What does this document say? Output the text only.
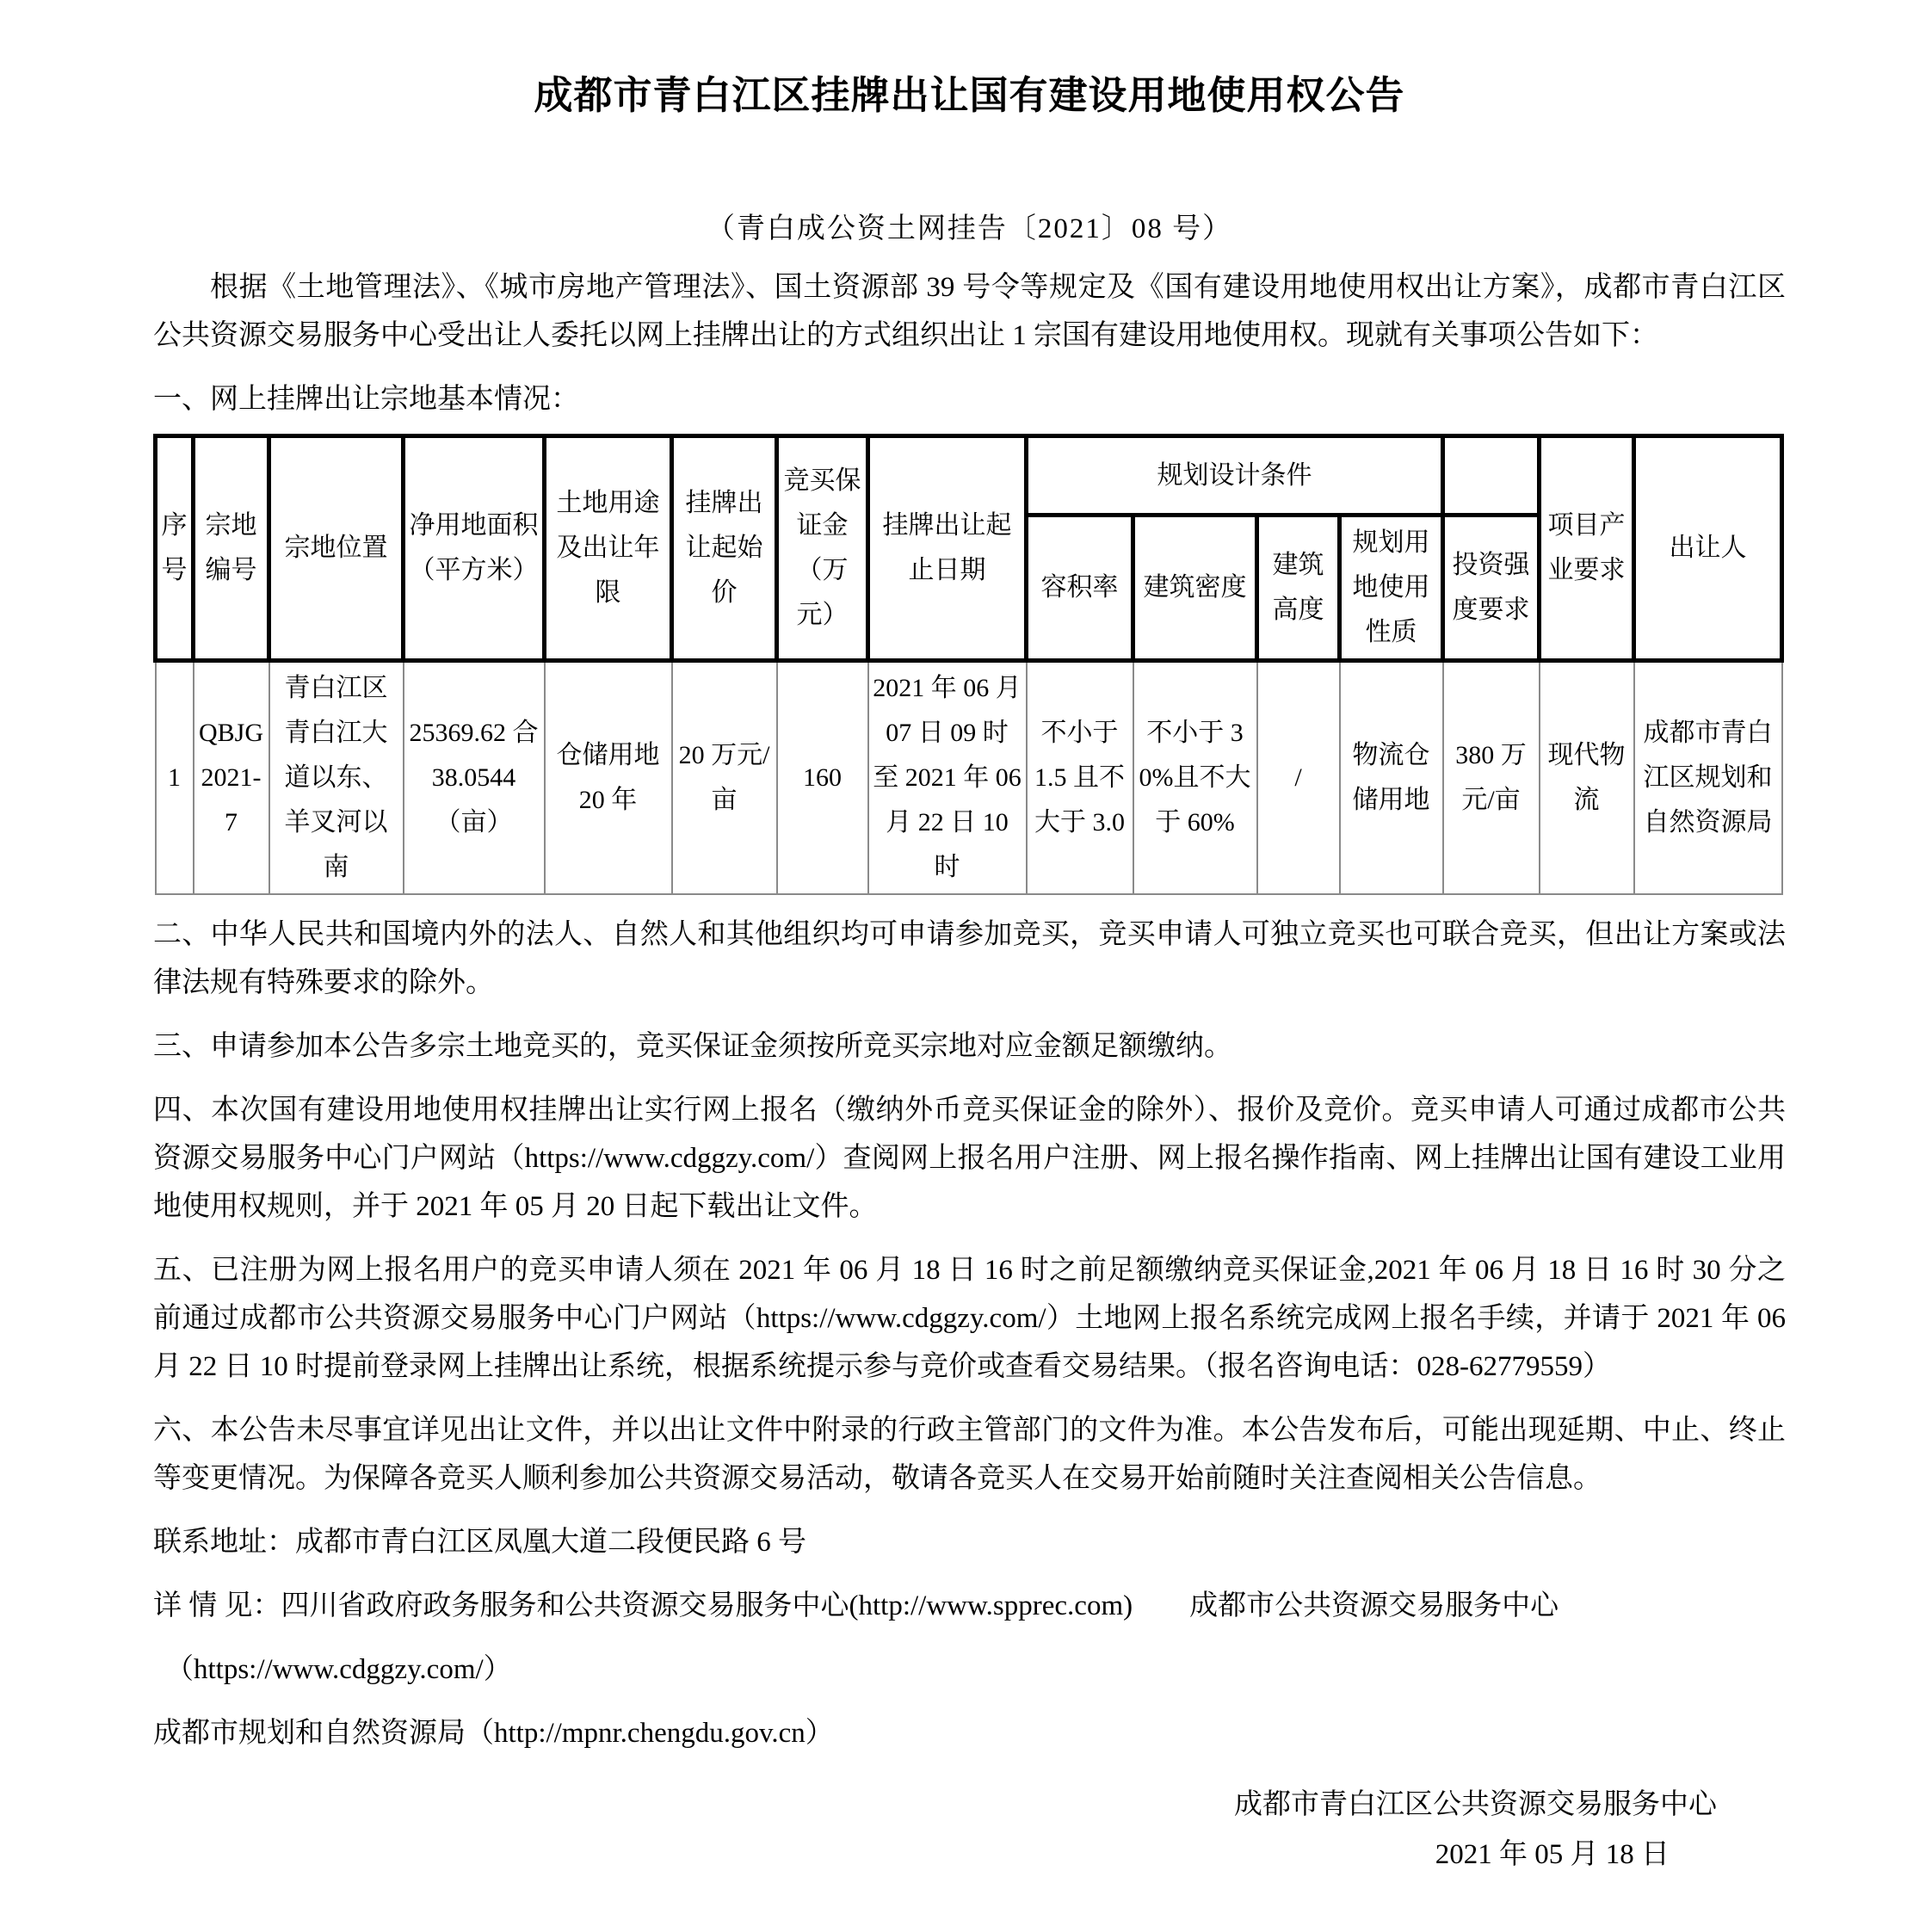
成都市青白江区挂牌出让国有建设用地使用权公告
（青白成公资土网挂告〔2021〕08 号）

根据《土地管理法》、《城市房地产管理法》、国土资源部 39 号令等规定及《国有建设用地使用权出让方案》，成都市青白江区公共资源交易服务中心受出让人委托以网上挂牌出让的方式组织出让 1 宗国有建设用地使用权。现就有关事项公告如下：

一、网上挂牌出让宗地基本情况：

序号	宗地编号	宗地位置	净用地面积（平方米）	土地用途及出让年限	挂牌出让起始价	竞买保证金（万元）	挂牌出让起止日期	规划设计条件					项目产业要求	出让人
								容积率	建筑密度	建筑高度	规划用地使用性质	投资强度要求		
1	QBJG2021-7	青白江区青白江大道以东、羊叉河以南	25369.62 合 38.0544（亩）	仓储用地 20 年	20 万元/亩	160	2021 年 06 月 07 日 09 时 至 2021 年 06 月 22 日 10 时	不小于 1.5 且不大于 3.0	不小于 30%且不大于 60%	/	物流仓储用地	380 万元/亩	现代物流	成都市青白江区规划和自然资源局

二、中华人民共和国境内外的法人、自然人和其他组织均可申请参加竞买，竞买申请人可独立竞买也可联合竞买，但出让方案或法律法规有特殊要求的除外。

三、申请参加本公告多宗土地竞买的，竞买保证金须按所竞买宗地对应金额足额缴纳。

四、本次国有建设用地使用权挂牌出让实行网上报名（缴纳外币竞买保证金的除外）、报价及竞价。竞买申请人可通过成都市公共资源交易服务中心门户网站（https://www.cdggzy.com/）查阅网上报名用户注册、网上报名操作指南、网上挂牌出让国有建设工业用地使用权规则，并于 2021 年 05 月 20 日起下载出让文件。

五、已注册为网上报名用户的竞买申请人须在 2021 年 06 月 18 日 16 时之前足额缴纳竞买保证金,2021 年 06 月 18 日 16 时 30 分之前通过成都市公共资源交易服务中心门户网站（https://www.cdggzy.com/）土地网上报名系统完成网上报名手续，并请于 2021 年 06 月 22 日 10 时提前登录网上挂牌出让系统，根据系统提示参与竞价或查看交易结果。（报名咨询电话：028-62779559）

六、本公告未尽事宜详见出让文件，并以出让文件中附录的行政主管部门的文件为准。本公告发布后，可能出现延期、中止、终止等变更情况。为保障各竞买人顺利参加公共资源交易活动，敬请各竞买人在交易开始前随时关注查阅相关公告信息。

联系地址：成都市青白江区凤凰大道二段便民路 6 号

详 情 见：四川省政府政务服务和公共资源交易服务中心(http://www.spprec.com)　　成都市公共资源交易服务中心

（https://www.cdggzy.com/）

成都市规划和自然资源局（http://mpnr.chengdu.gov.cn）

成都市青白江区公共资源交易服务中心
2021 年 05 月 18 日
